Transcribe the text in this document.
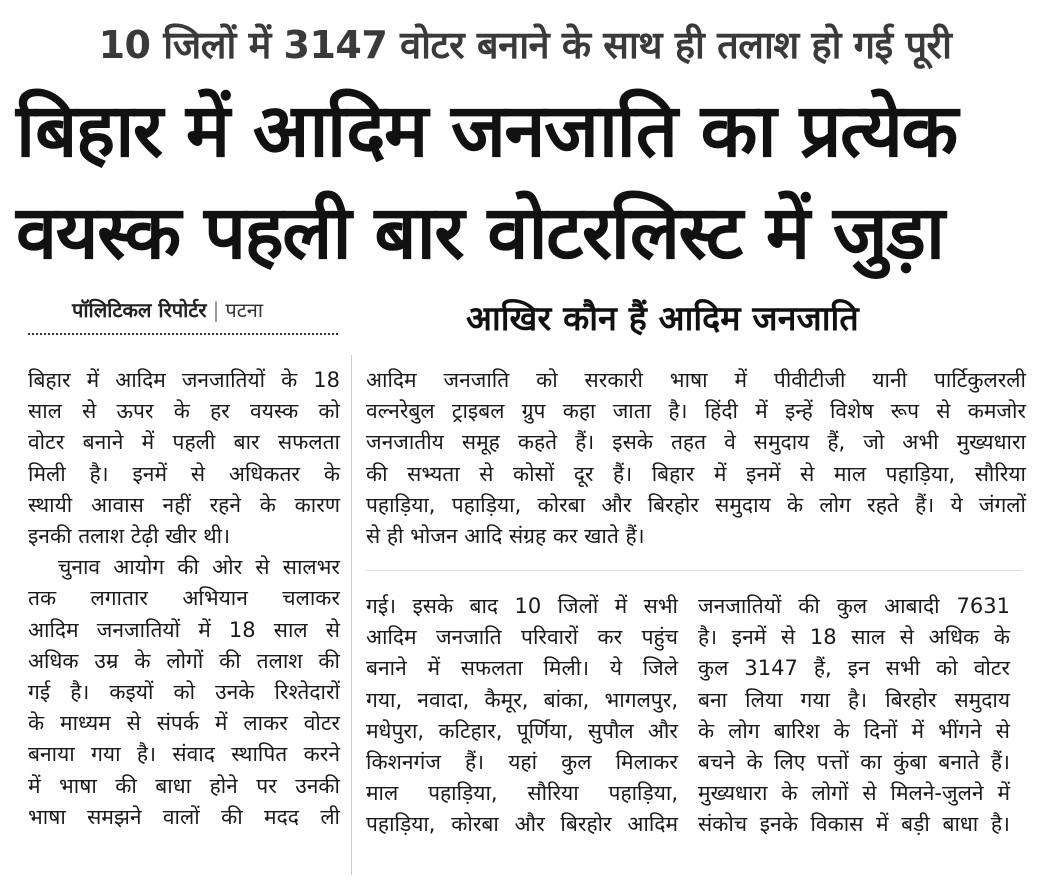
10 जिलों में 3147 वोटर बनाने के साथ ही तलाश हो गई पूरी
बिहार में आदिम जनजाति का प्रत्येक
वयस्क पहली बार वोटरलिस्ट में जुड़ा
पॉलिटिकल रिपोर्टर | पटना	आखिर कौन हैं आदिम जनजाति

बिहार में आदिम जनजातियों के 18

साल से ऊपर के हर वयस्क को

वोटर बनाने में पहली बार सफलता

मिली है। इनमें से अधिकतर के

स्थायी आवास नहीं रहने के कारण

इनकी तलाश टेढ़ी खीर थी।

चुनाव आयोग की ओर से सालभर

तक लगातार अभियान चलाकर

आदिम जनजातियों में 18 साल से

अधिक उम्र के लोगों की तलाश की

गई है। कइयों को उनके रिश्तेदारों

के माध्यम से संपर्क में लाकर वोटर

बनाया गया है। संवाद स्थापित करने

में भाषा की बाधा होने पर उनकी

भाषा समझने वालों की मदद ली

आदिम जनजाति को सरकारी भाषा में पीवीटीजी यानी पार्टिकुलरली

वल्नरेबुल ट्राइबल ग्रुप कहा जाता है। हिंदी में इन्हें विशेष रूप से कमजोर

जनजातीय समूह कहते हैं। इसके तहत वे समुदाय हैं, जो अभी मुख्यधारा

की सभ्यता से कोसों दूर हैं। बिहार में इनमें से माल पहाड़िया, सौरिया

पहाड़िया, पहाड़िया, कोरबा और बिरहोर समुदाय के लोग रहते हैं। ये जंगलों

से ही भोजन आदि संग्रह कर खाते हैं।

गई। इसके बाद 10 जिलों में सभी

आदिम जनजाति परिवारों कर पहुंच

बनाने में सफलता मिली। ये जिले

गया, नवादा, कैमूर, बांका, भागलपुर,

मधेपुरा, कटिहार, पूर्णिया, सुपौल और

किशनगंज हैं। यहां कुल मिलाकर

माल पहाड़िया, सौरिया पहाड़िया,

पहाड़िया, कोरबा और बिरहोर आदिम

जनजातियों की कुल आबादी 7631

है। इनमें से 18 साल से अधिक के

कुल 3147 हैं, इन सभी को वोटर

बना लिया गया है। बिरहोर समुदाय

के लोग बारिश के दिनों में भींगने से

बचने के लिए पत्तों का कुंबा बनाते हैं।

मुख्यधारा के लोगों से मिलने-जुलने में

संकोच इनके विकास में बड़ी बाधा है।
